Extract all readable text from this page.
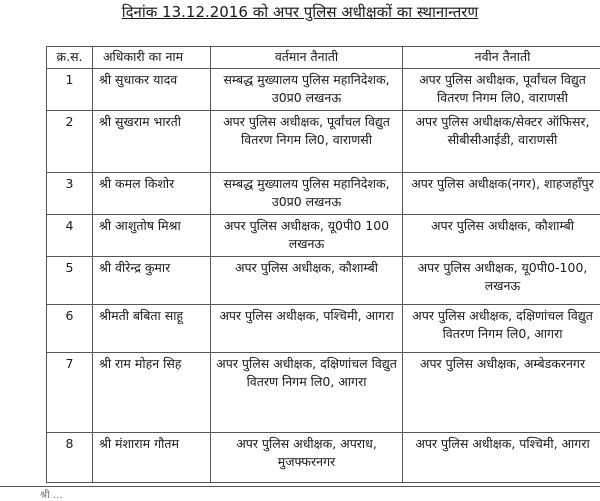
दिनांक 13.12.2016 को अपर पुलिस अधीक्षकों का स्थानान्तरण
क्र.स.	अधिकारी का नाम	वर्तमान तैनाती	नवीन तैनाती
1	श्री सुधाकर यादव	सम्बद्ध मुख्यालय पुलिस महानिदेशक, उ0प्र0 लखनऊ	अपर पुलिस अधीक्षक, पूर्वांचल विद्युत वितरण निगम लि0, वाराणसी
2	श्री सुखराम भारती	अपर पुलिस अधीक्षक, पूर्वांचल विद्युत वितरण निगम लि0, वाराणसी	अपर पुलिस अधीक्षक/सेक्टर ऑफिसर, सीबीसीआईडी, वाराणसी
3	श्री कमल किशोर	सम्बद्ध मुख्यालय पुलिस महानिदेशक, उ0प्र0 लखनऊ	अपर पुलिस अधीक्षक(नगर), शाहजहाँपुर
4	श्री आशुतोष मिश्रा	अपर पुलिस अधीक्षक, यू0पी0 100 लखनऊ	अपर पुलिस अधीक्षक, कौशाम्बी
5	श्री वीरेन्द्र कुमार	अपर पुलिस अधीक्षक, कौशाम्बी	अपर पुलिस अधीक्षक, यू0पी0-100, लखनऊ
6	श्रीमती बबिता साहू	अपर पुलिस अधीक्षक, पश्चिमी, आगरा	अपर पुलिस अधीक्षक, दक्षिणांचल विद्युत वितरण निगम लि0, आगरा
7	श्री राम मोहन सिह	अपर पुलिस अधीक्षक, दक्षिणांचल विद्युत वितरण निगम लि0, आगरा	अपर पुलिस अधीक्षक, अम्बेडकरनगर
8	श्री मंशाराम गौतम	अपर पुलिस अधीक्षक, अपराध, मुजफ्फरनगर	अपर पुलिस अधीक्षक, पश्चिमी, आगरा
श्री ...
